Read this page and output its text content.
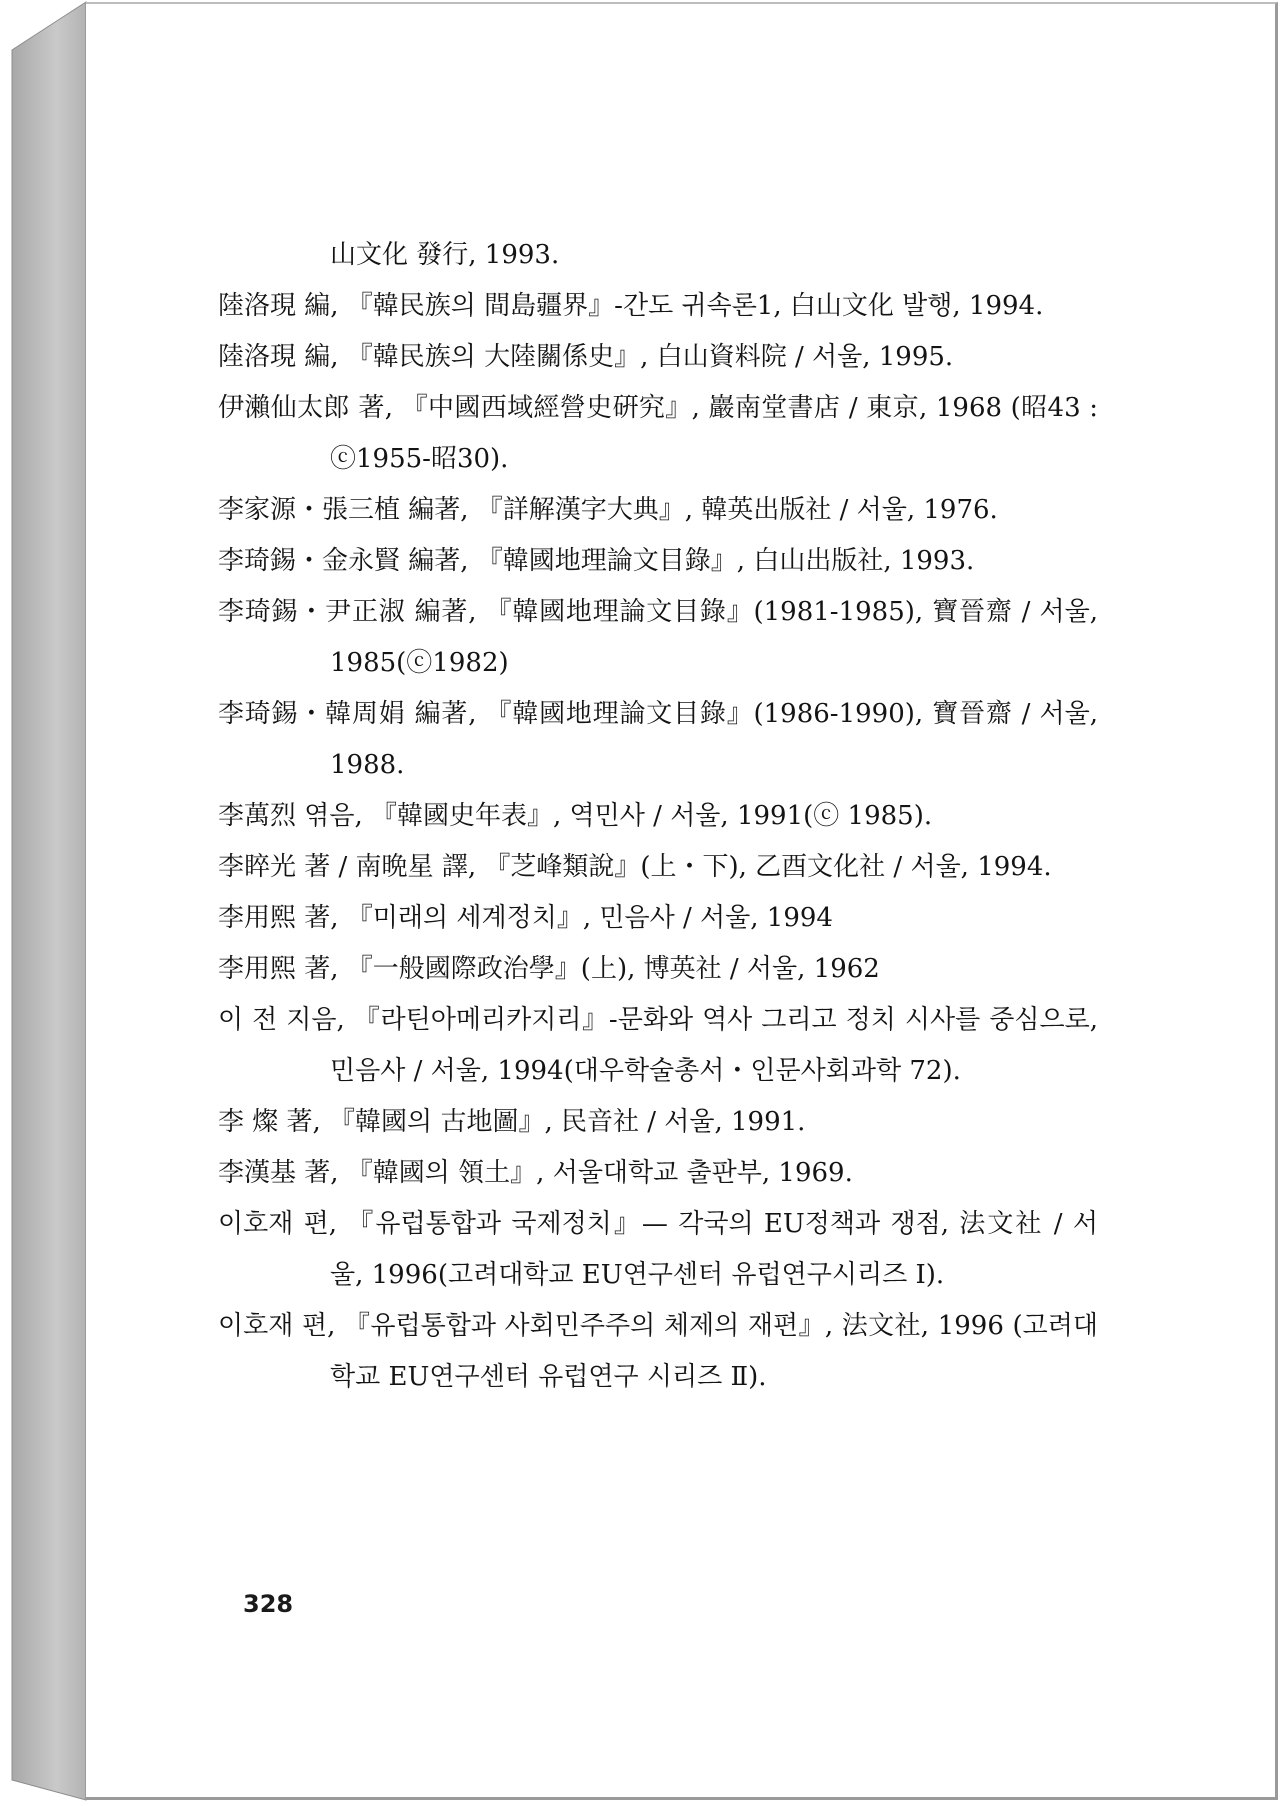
山文化 發行, 1993.
陸洛現 編, 『韓民族의 間島疆界』-간도 귀속론1, 白山文化 발행, 1994.
陸洛現 編, 『韓民族의 大陸關係史』, 白山資料院 / 서울, 1995.
伊瀨仙太郎 著, 『中國西域經營史硏究』, 巖南堂書店 / 東京, 1968 (昭43 : ⓒ1955-昭30).
李家源・張三植 編著, 『詳解漢字大典』, 韓英出版社 / 서울, 1976.
李琦錫・金永賢 編著, 『韓國地理論文目錄』, 白山出版社, 1993.
李琦錫・尹正淑 編著, 『韓國地理論文目錄』(1981-1985), 寶晉齋 / 서울, 1985(ⓒ1982)
李琦錫・韓周娟 編著, 『韓國地理論文目錄』(1986-1990), 寶晉齋 / 서울, 1988.
李萬烈 엮음, 『韓國史年表』, 역민사 / 서울, 1991(ⓒ 1985).
李睟光 著 / 南晩星 譯, 『芝峰類說』(上・下), 乙酉文化社 / 서울, 1994.
李用熙 著, 『미래의 세계정치』, 민음사 / 서울, 1994
李用熙 著, 『一般國際政治學』(上), 博英社 / 서울, 1962
이 전 지음, 『라틴아메리카지리』-문화와 역사 그리고 정치 시사를 중심으로, 민음사 / 서울, 1994(대우학술총서・인문사회과학 72).
李 燦 著, 『韓國의 古地圖』, 民音社 / 서울, 1991.
李漢基 著, 『韓國의 領土』, 서울대학교 출판부, 1969.
이호재 편, 『유럽통합과 국제정치』— 각국의 EU정책과 쟁점, 法文社 / 서울, 1996(고려대학교 EU연구센터 유럽연구시리즈 Ⅰ).
이호재 편, 『유럽통합과 사회민주주의 체제의 재편』, 法文社, 1996 (고려대학교 EU연구센터 유럽연구 시리즈 Ⅱ).
328
